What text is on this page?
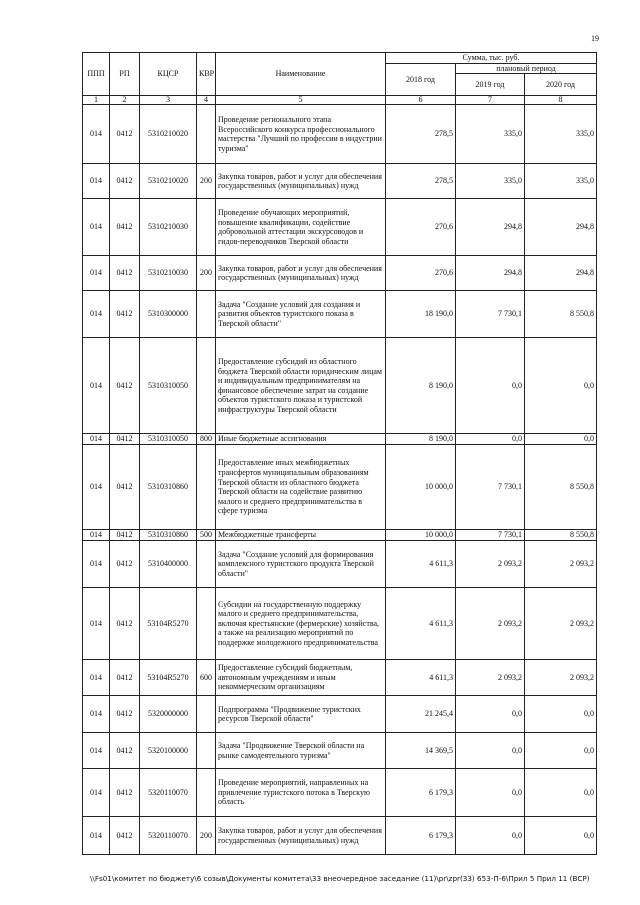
19
ППП	РП	КЦСР	КВР	Наименование	Сумма, тыс. руб.		
					2018 год	плановый период	
						2019 год	2020 год
1	2	3	4	5	6	7	8
014	0412	5310210020		Проведение регионального этапа Всероссийского конкурса профессионального мастерства "Лучший по профессии в индустрии туризма"	278,5	335,0	335,0
014	0412	5310210020	200	Закупка товаров, работ и услуг для обеспечения государственных (муниципальных) нужд	278,5	335,0	335,0
014	0412	5310210030		Проведение обучающих мероприятий, повышение квалификации, содействие добровольной аттестации экскурсоводов и гидов-переводчиков Тверской области	270,6	294,8	294,8
014	0412	5310210030	200	Закупка товаров, работ и услуг для обеспечения государственных (муниципальных) нужд	270,6	294,8	294,8
014	0412	5310300000		Задача "Создание условий для создания и развития объектов туристского показа в Тверской области"	18 190,0	7 730,1	8 550,8
014	0412	5310310050		Предоставление субсидий из областного бюджета Тверской области юридическим лицам и индивидуальным предпринимателям на финансовое обеспечение затрат на создание объектов туристского показа и туристской инфраструктуры Тверской области	8 190,0	0,0	0,0
014	0412	5310310050	800	Иные бюджетные ассигнования	8 190,0	0,0	0,0
014	0412	5310310860		Предоставление иных межбюджетных трансфертов муниципальным образованиям Тверской области из областного бюджета Тверской области на содействие развитию малого и среднего предпринимательства в сфере туризма	10 000,0	7 730,1	8 550,8
014	0412	5310310860	500	Межбюджетные трансферты	10 000,0	7 730,1	8 550,8
014	0412	5310400000		Задача "Создание условий для формирования комплексного туристского продукта Тверской области"	4 611,3	2 093,2	2 093,2
014	0412	53104R5270		Субсидии на государственную поддержку малого и среднего предпринимательства, включая крестьянские (фермерские) хозяйства, а также на реализацию мероприятий по поддержке молодежного предпринимательства	4 611,3	2 093,2	2 093,2
014	0412	53104R5270	600	Предоставление субсидий бюджетным, автономным учреждениям и иным некоммерческим организациям	4 611,3	2 093,2	2 093,2
014	0412	5320000000		Подпрограмма "Продвижение туристских ресурсов Тверской области"	21 245,4	0,0	0,0
014	0412	5320100000		Задача "Продвижение Тверской области на рынке самодеятельного туризма"	14 369,5	0,0	0,0
014	0412	5320110070		Проведение мероприятий, направленных на привлечение туристского потока в Тверскую область	6 179,3	0,0	0,0
014	0412	5320110070	200	Закупка товаров, работ и услуг для обеспечения государственных (муниципальных) нужд	6 179,3	0,0	0,0
\\Fs01\комитет по бюджету\6 созыв\Документы комитета\33 внеочередное заседание (11)\pr\zpr(33) 653-П-6\Прил 5 Прил 11 (ВСР)
